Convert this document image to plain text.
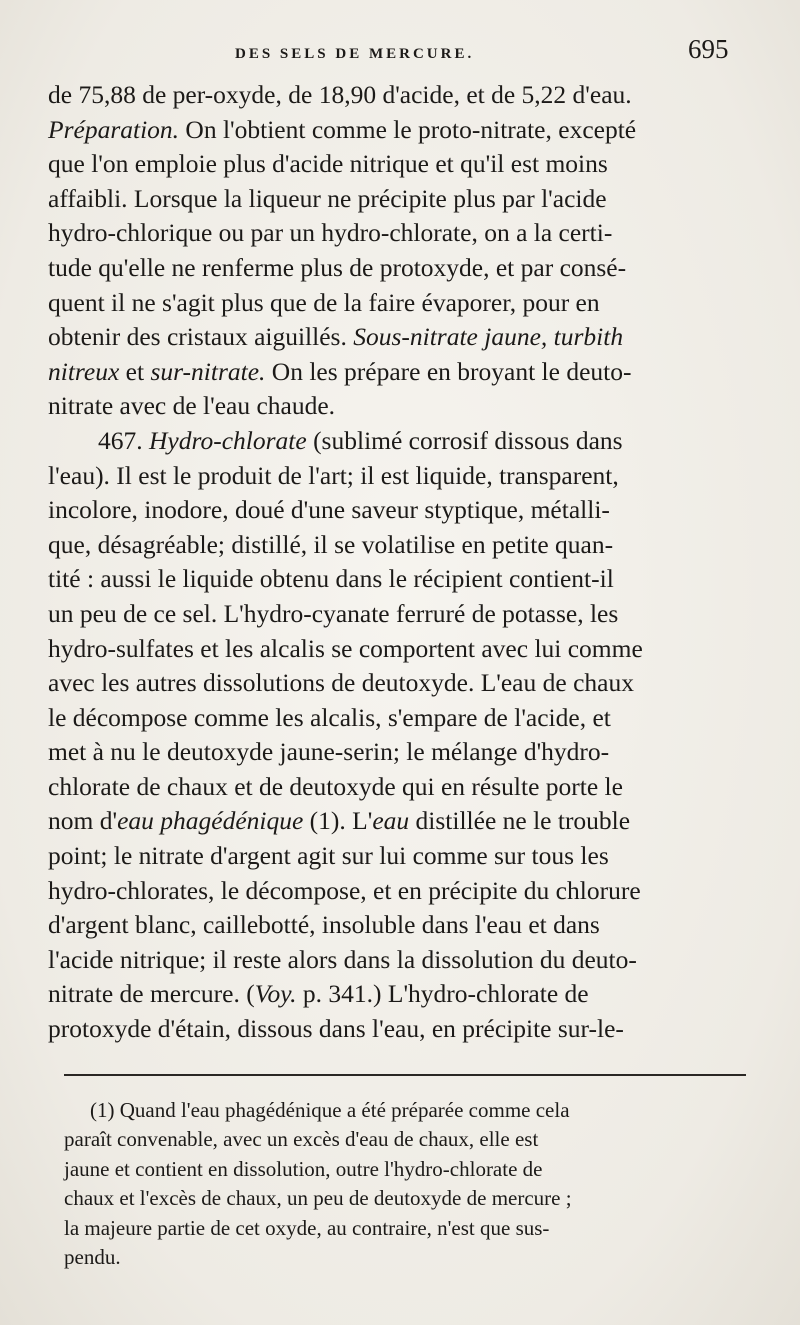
DES SELS DE MERCURE.	695
de 75,88 de per-oxyde, de 18,90 d'acide, et de 5,22 d'eau.
Préparation. On l'obtient comme le proto-nitrate, excepté
que l'on emploie plus d'acide nitrique et qu'il est moins
affaibli. Lorsque la liqueur ne précipite plus par l'acide
hydro-chlorique ou par un hydro-chlorate, on a la certi-
tude qu'elle ne renferme plus de protoxyde, et par consé-
quent il ne s'agit plus que de la faire évaporer, pour en
obtenir des cristaux aiguillés. Sous-nitrate jaune, turbith
nitreux et sur-nitrate. On les prépare en broyant le deuto-
nitrate avec de l'eau chaude.
467. Hydro-chlorate (sublimé corrosif dissous dans
l'eau). Il est le produit de l'art; il est liquide, transparent,
incolore, inodore, doué d'une saveur styptique, métalli-
que, désagréable; distillé, il se volatilise en petite quan-
tité : aussi le liquide obtenu dans le récipient contient-il
un peu de ce sel. L'hydro-cyanate ferruré de potasse, les
hydro-sulfates et les alcalis se comportent avec lui comme
avec les autres dissolutions de deutoxyde. L'eau de chaux
le décompose comme les alcalis, s'empare de l'acide, et
met à nu le deutoxyde jaune-serin; le mélange d'hydro-
chlorate de chaux et de deutoxyde qui en résulte porte le
nom d'eau phagédénique (1). L'eau distillée ne le trouble
point; le nitrate d'argent agit sur lui comme sur tous les
hydro-chlorates, le décompose, et en précipite du chlorure
d'argent blanc, caillebotté, insoluble dans l'eau et dans
l'acide nitrique; il reste alors dans la dissolution du deuto-
nitrate de mercure. (Voy. p. 341.) L'hydro-chlorate de
protoxyde d'étain, dissous dans l'eau, en précipite sur-le-
(1) Quand l'eau phagédénique a été préparée comme cela
paraît convenable, avec un excès d'eau de chaux, elle est
jaune et contient en dissolution, outre l'hydro-chlorate de
chaux et l'excès de chaux, un peu de deutoxyde de mercure ;
la majeure partie de cet oxyde, au contraire, n'est que sus-
pendu.
